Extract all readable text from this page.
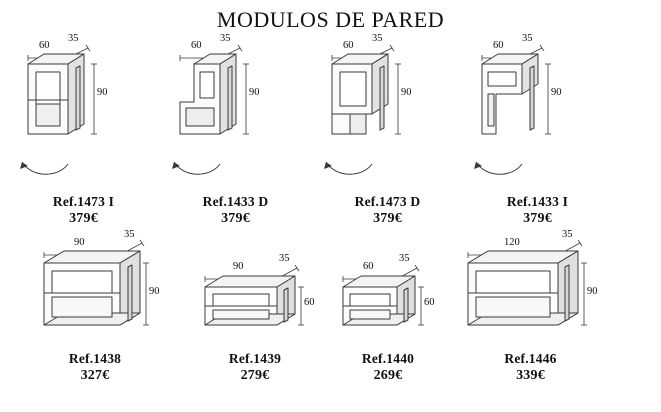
MODULOS DE PARED
60
35
90
Ref.1473 I
379€
60
35
90
Ref.1433 D
379€
60
35
90
Ref.1473 D
379€
60
35
90
Ref.1433 I
379€
90
35
90
Ref.1438
327€
90
35
60
Ref.1439
279€
60
35
60
Ref.1440
269€
120
35
90
Ref.1446
339€
